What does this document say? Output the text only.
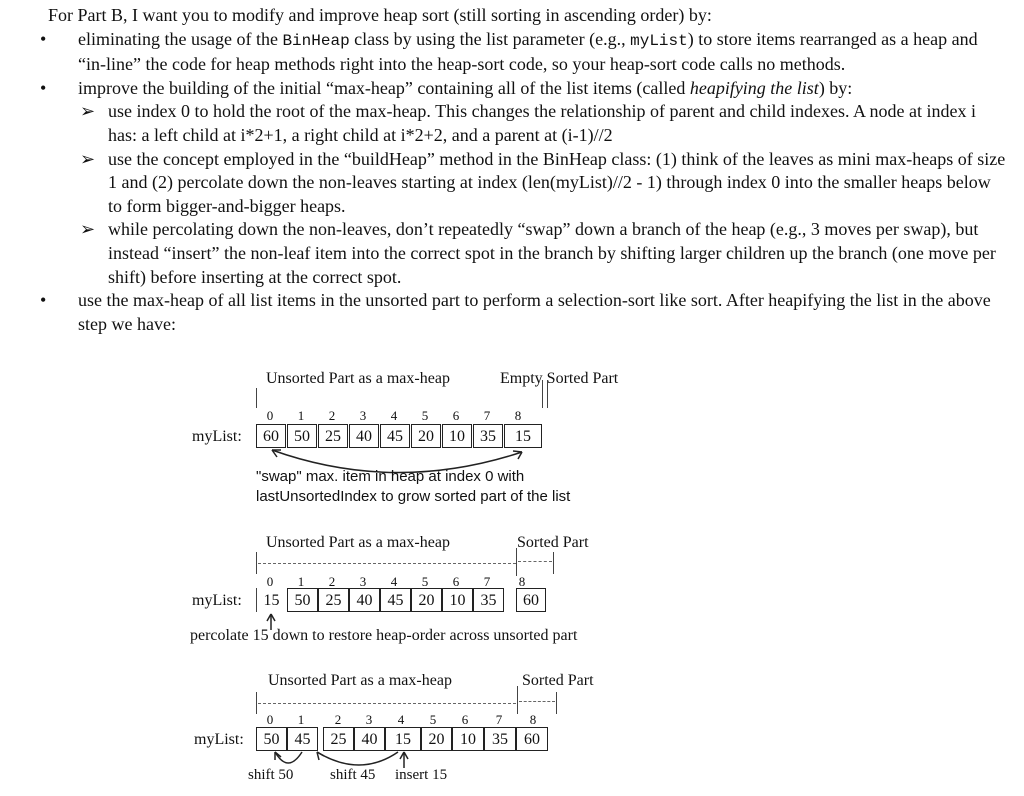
For Part B, I want you to modify and improve heap sort (still sorting in ascending order) by:
• eliminating the usage of the BinHeap class by using the list parameter (e.g., myList) to store items rearranged as a heap and “in-line” the code for heap methods right into the heap-sort code, so your heap-sort code calls no methods.
• improve the building of the initial “max-heap” containing all of the list items (called heapifying the list) by:
➢ use index 0 to hold the root of the max-heap. This changes the relationship of parent and child indexes. A node at index i has: a left child at i*2+1, a right child at i*2+2, and a parent at (i-1)//2
➢ use the concept employed in the “buildHeap” method in the BinHeap class: (1) think of the leaves as mini max-heaps of size 1 and (2) percolate down the non-leaves starting at index (len(myList)//2 - 1) through index 0 into the smaller heaps below to form bigger-and-bigger heaps.
➢ while percolating down the non-leaves, don’t repeatedly “swap” down a branch of the heap (e.g., 3 moves per swap), but instead “insert” the non-leaf item into the correct spot in the branch by shifting larger children up the branch (one move per shift) before inserting at the correct spot.
• use the max-heap of all list items in the unsorted part to perform a selection-sort like sort. After heapifying the list in the above step we have:
Unsorted Part as a max-heap	Empty Sorted Part
0	1	2	3	4	5	6	7	8
myList:	60 50 25 40 45 20 10 35	15
"swap" max. item in heap at index 0 with
lastUnsortedIndex to grow sorted part of the list
Unsorted Part as a max-heap	Sorted Part
0	1	2	3	4	5	6	7	8
myList:	15 50 25 40 45 20 10 35	60
percolate 15 down to restore heap-order across unsorted part
Unsorted Part as a max-heap	Sorted Part
0	1	2	3	4	5	6	7	8
myList:	50 45	25 40	15	20 10	35	60
shift 50 shift 45 insert 15
